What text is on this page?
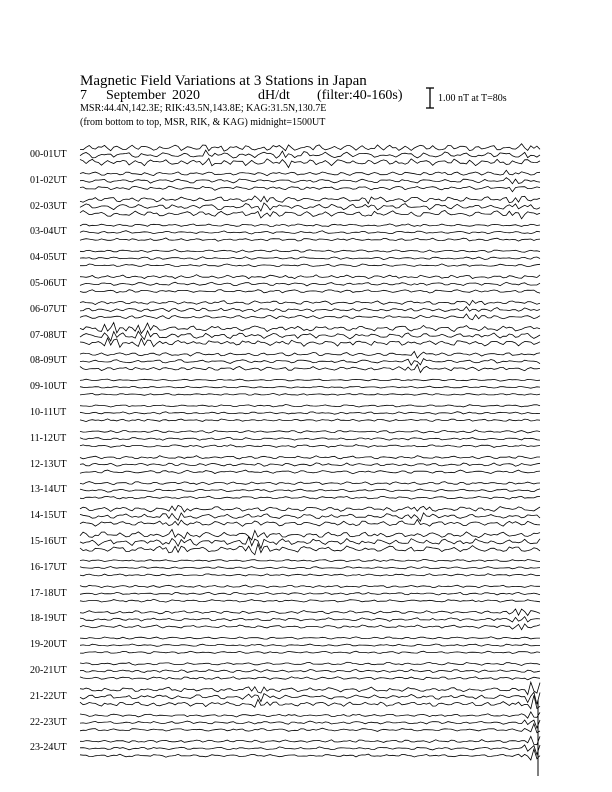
Magnetic Field Variations at 3 Stations in Japan
7 September 2020	dH/dt (filter:40-160s)
MSR:44.4N,142.3E; RIK:43.5N,143.8E; KAG:31.5N,130.7E
(from bottom to top, MSR, RIK, & KAG) midnight=1500UT
1.00 nT at T=80s
00-01UT
01-02UT
02-03UT
03-04UT
04-05UT
05-06UT
06-07UT
07-08UT
08-09UT
09-10UT
10-11UT
11-12UT
12-13UT
13-14UT
14-15UT
15-16UT
16-17UT
17-18UT
18-19UT
19-20UT
20-21UT
21-22UT
22-23UT
23-24UT
